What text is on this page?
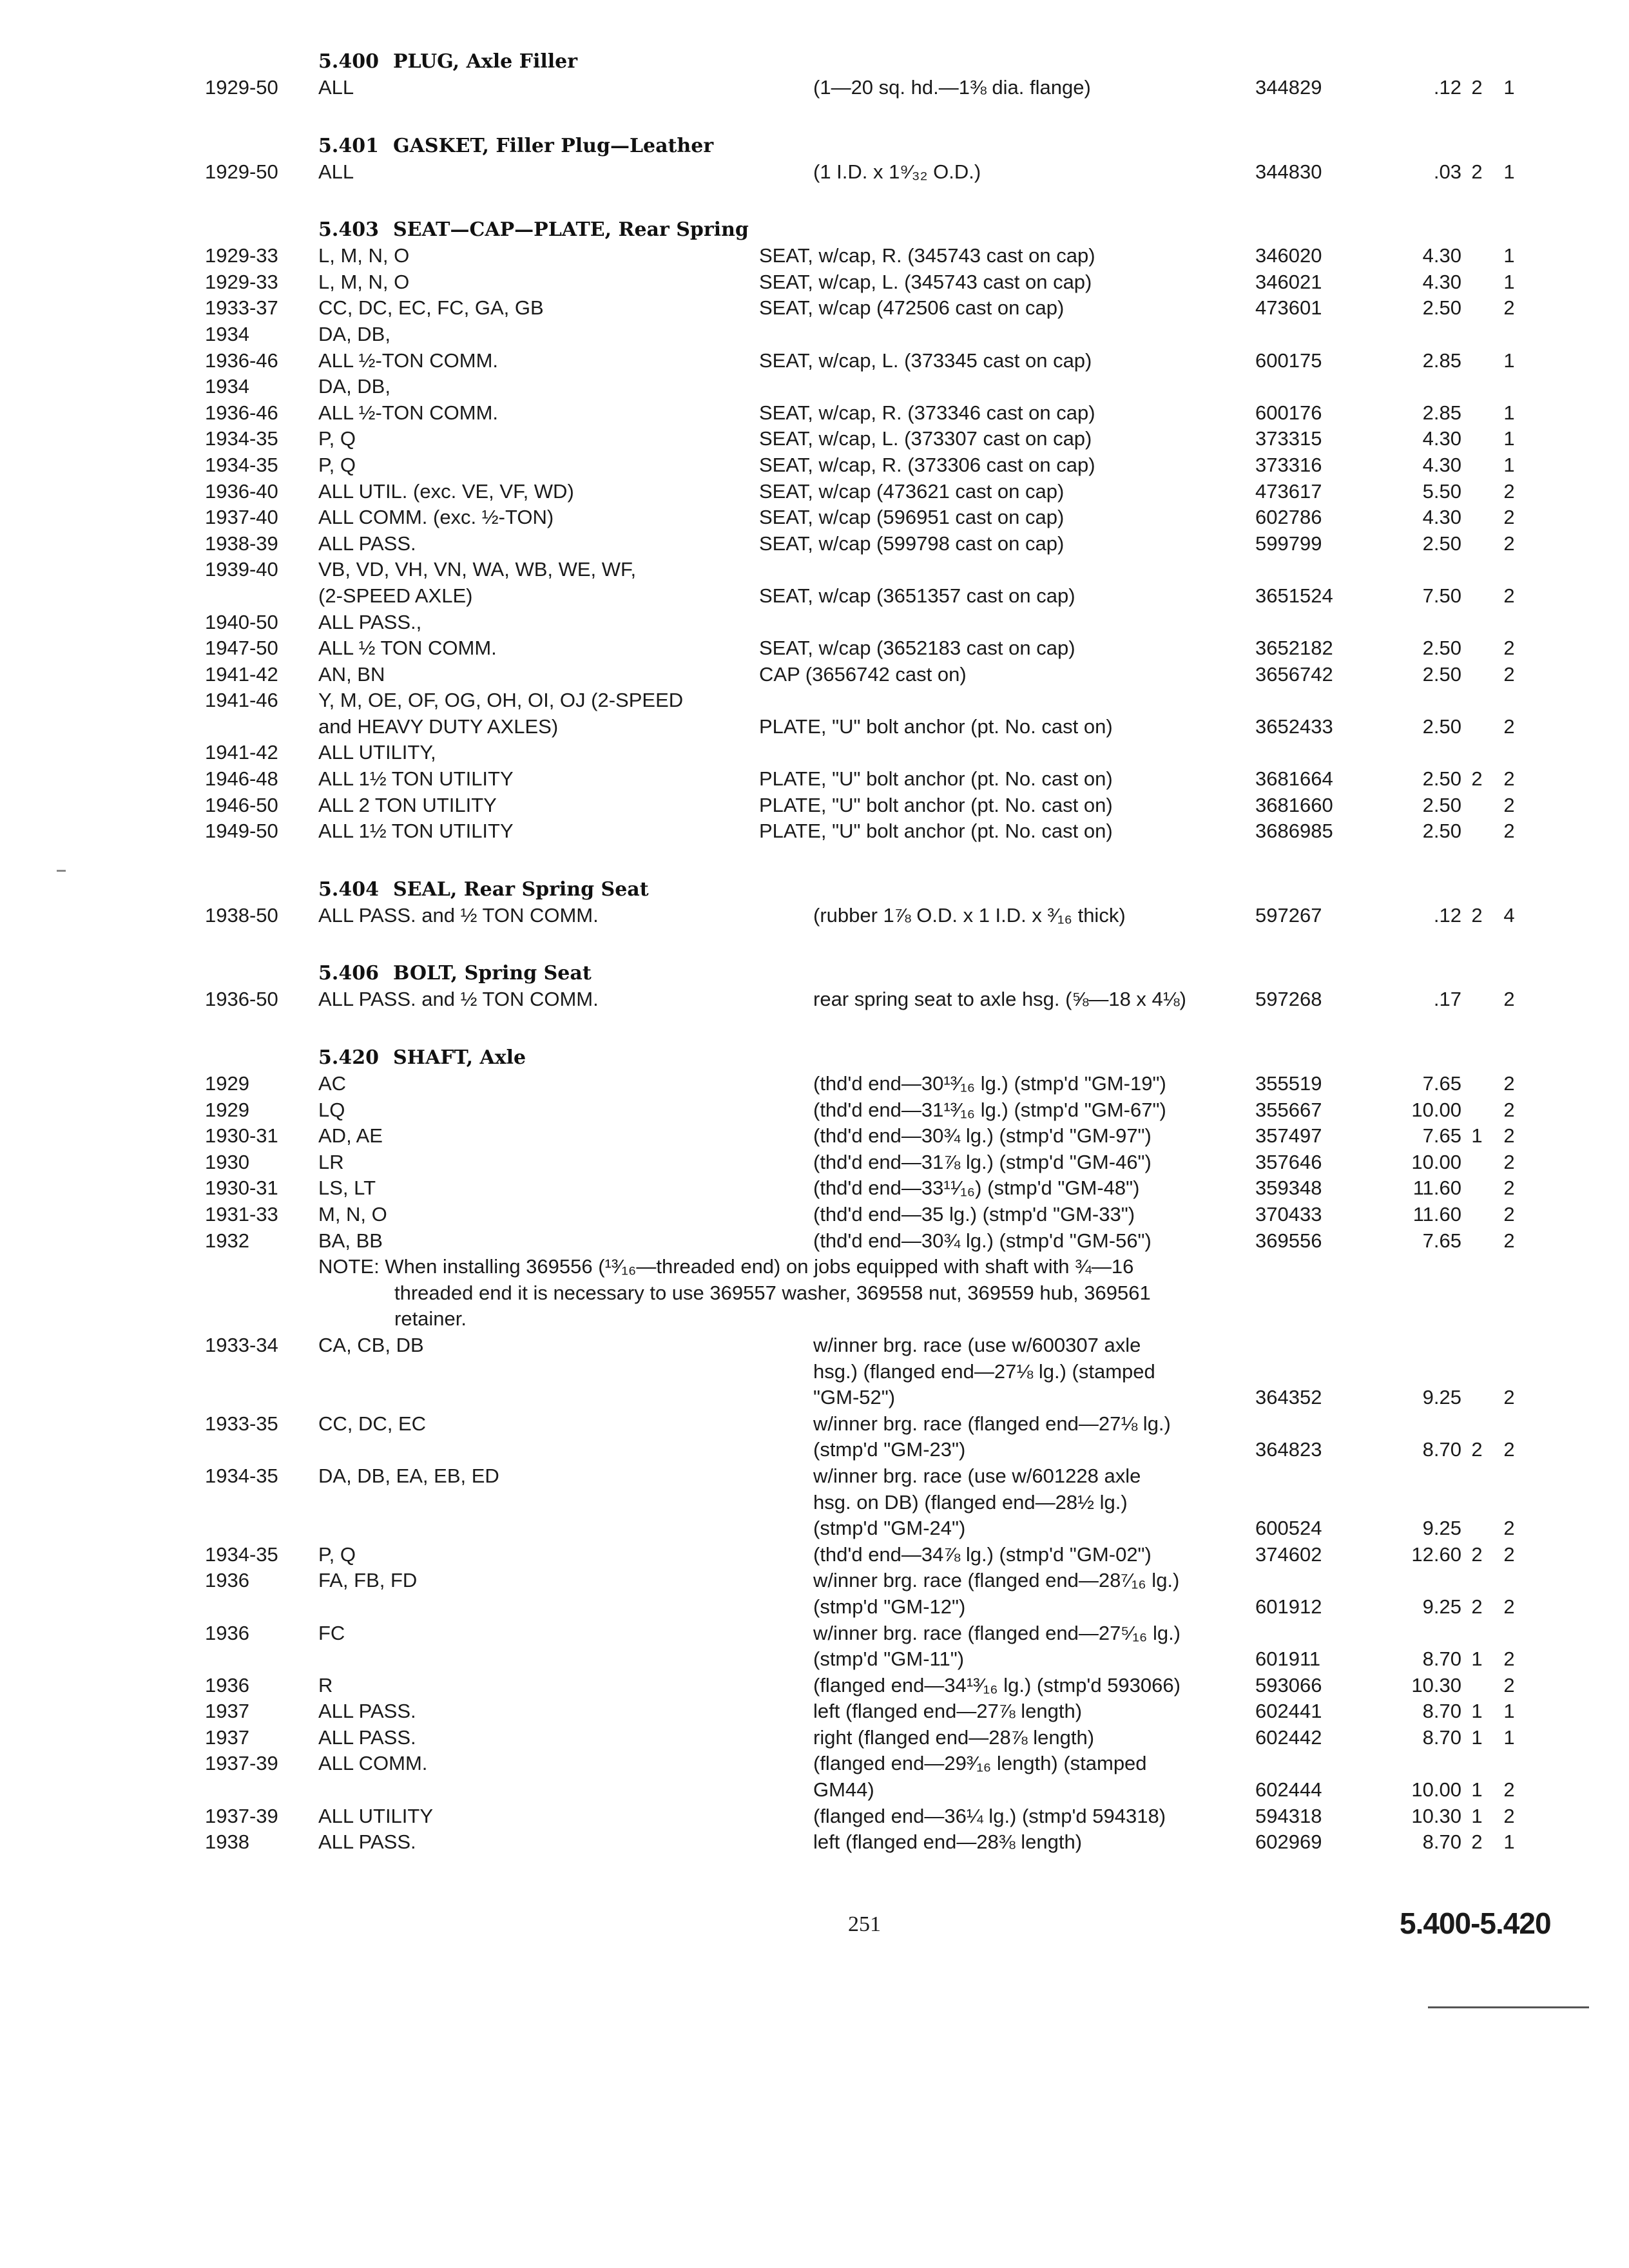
5.400 PLUG, Axle Filler
1929-50 ALL	(1—20 sq. hd.—1⅜ dia. flange)	344829	.12 2	1
5.401 GASKET, Filler Plug—Leather
1929-50 ALL	(1 I.D. x 1⁹⁄₃₂ O.D.)	344830	.03 2	1
5.403 SEAT—CAP—PLATE, Rear Spring
1929-33 L, M, N, O	SEAT, w/cap, R. (345743 cast on cap)	346020	4.30	1
1929-33 L, M, N, O	SEAT, w/cap, L. (345743 cast on cap)	346021	4.30	1
1933-37 CC, DC, EC, FC, GA, GB	SEAT, w/cap (472506 cast on cap)	473601	2.50	2
1934	DA, DB,
1936-46 ALL ½-TON COMM.	SEAT, w/cap, L. (373345 cast on cap)	600175	2.85	1
1934	DA, DB,
1936-46 ALL ½-TON COMM.	SEAT, w/cap, R. (373346 cast on cap)	600176	2.85	1
1934-35 P, Q	SEAT, w/cap, L. (373307 cast on cap)	373315	4.30	1
1934-35 P, Q	SEAT, w/cap, R. (373306 cast on cap)	373316	4.30	1
1936-40 ALL UTIL. (exc. VE, VF, WD)	SEAT, w/cap (473621 cast on cap)	473617	5.50	2
1937-40 ALL COMM. (exc. ½-TON)	SEAT, w/cap (596951 cast on cap)	602786	4.30	2
1938-39 ALL PASS.	SEAT, w/cap (599798 cast on cap)	599799	2.50	2
1939-40 VB, VD, VH, VN, WA, WB, WE, WF,
(2-SPEED AXLE)	SEAT, w/cap (3651357 cast on cap)	3651524	7.50	2
1940-50 ALL PASS.,
1947-50 ALL ½ TON COMM.	SEAT, w/cap (3652183 cast on cap)	3652182	2.50	2
1941-42 AN, BN	CAP (3656742 cast on)	3656742	2.50	2
1941-46 Y, M, OE, OF, OG, OH, OI, OJ (2-SPEED
and HEAVY DUTY AXLES)	PLATE, "U" bolt anchor (pt. No. cast on)	3652433	2.50	2
1941-42 ALL UTILITY,
1946-48 ALL 1½ TON UTILITY	PLATE, "U" bolt anchor (pt. No. cast on)	3681664	2.50 2	2
1946-50 ALL 2 TON UTILITY	PLATE, "U" bolt anchor (pt. No. cast on)	3681660	2.50	2
1949-50 ALL 1½ TON UTILITY	PLATE, "U" bolt anchor (pt. No. cast on)	3686985	2.50	2
5.404 SEAL, Rear Spring Seat
1938-50 ALL PASS. and ½ TON COMM.	(rubber 1⅞ O.D. x 1 I.D. x ³⁄₁₆ thick)	597267	.12 2	4
5.406 BOLT, Spring Seat
1936-50 ALL PASS. and ½ TON COMM.	rear spring seat to axle hsg. (⅝—18 x 4⅛)	597268	.17	2
5.420 SHAFT, Axle
1929	AC	(thd'd end—30¹³⁄₁₆ lg.) (stmp'd "GM-19")	355519	7.65	2
1929	LQ	(thd'd end—31¹³⁄₁₆ lg.) (stmp'd "GM-67")	355667	10.00	2
1930-31 AD, AE	(thd'd end—30¾ lg.) (stmp'd "GM-97")	357497	7.65 1	2
1930	LR	(thd'd end—31⅞ lg.) (stmp'd "GM-46")	357646	10.00	2
1930-31 LS, LT	(thd'd end—33¹¹⁄₁₆) (stmp'd "GM-48")	359348	11.60	2
1931-33 M, N, O	(thd'd end—35 lg.) (stmp'd "GM-33")	370433	11.60	2
1932	BA, BB	(thd'd end—30¾ lg.) (stmp'd "GM-56")	369556	7.65	2
NOTE: When installing 369556 (¹³⁄₁₆—threaded end) on jobs equipped with shaft with ¾—16
threaded end it is necessary to use 369557 washer, 369558 nut, 369559 hub, 369561
retainer.
1933-34 CA, CB, DB	w/inner brg. race (use w/600307 axle
hsg.) (flanged end—27⅛ lg.) (stamped
"GM-52")	364352	9.25	2
1933-35 CC, DC, EC	w/inner brg. race (flanged end—27⅛ lg.)
(stmp'd "GM-23")	364823	8.70 2	2
1934-35 DA, DB, EA, EB, ED	w/inner brg. race (use w/601228 axle
hsg. on DB) (flanged end—28½ lg.)
(stmp'd "GM-24")	600524	9.25	2
1934-35 P, Q	(thd'd end—34⅞ lg.) (stmp'd "GM-02")	374602	12.60 2	2
1936	FA, FB, FD	w/inner brg. race (flanged end—28⁷⁄₁₆ lg.)
(stmp'd "GM-12")	601912	9.25 2	2
1936	FC	w/inner brg. race (flanged end—27⁵⁄₁₆ lg.)
(stmp'd "GM-11")	601911	8.70 1	2
1936	R	(flanged end—34¹³⁄₁₆ lg.) (stmp'd 593066)	593066	10.30	2
1937	ALL PASS.	left (flanged end—27⅞ length)	602441	8.70 1	1
1937	ALL PASS.	right (flanged end—28⅞ length)	602442	8.70 1	1
1937-39 ALL COMM.	(flanged end—29³⁄₁₆ length) (stamped
GM44)	602444	10.00 1	2
1937-39 ALL UTILITY	(flanged end—36¼ lg.) (stmp'd 594318)	594318	10.30 1	2
1938	ALL PASS.	left (flanged end—28⅜ length)	602969	8.70 2	1
251	5.400-5.420
